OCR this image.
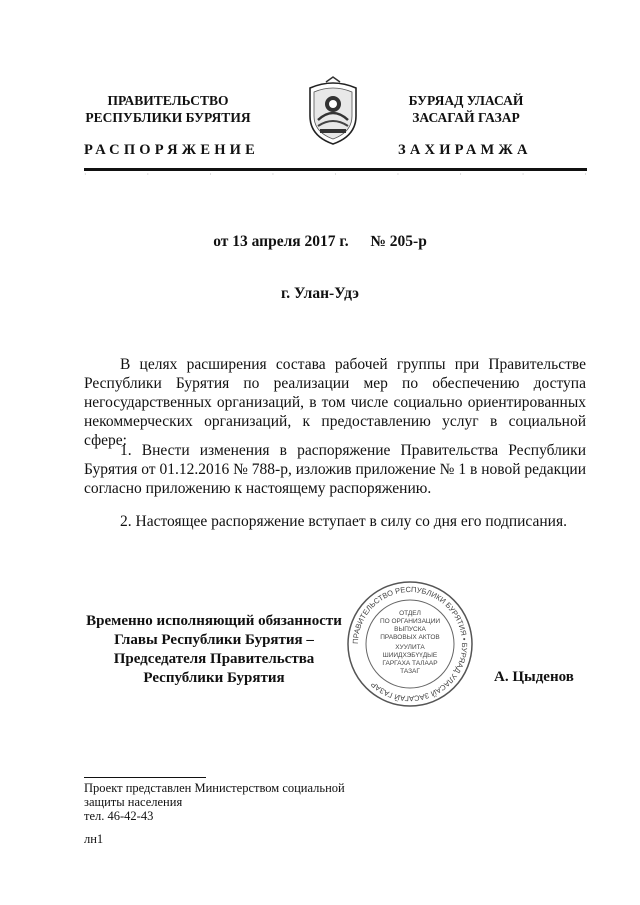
ПРАВИТЕЛЬСТВО
РЕСПУБЛИКИ БУРЯТИЯ
БУРЯАД УЛАСАЙ
ЗАСАГАЙ ГАЗАР
РАСПОРЯЖЕНИЕ	ЗАХИРАМЖА
·	·	·	·	·	·	·	·	·
от 13 апреля 2017 г. № 205-р
г. Улан-Удэ
В целях расширения состава рабочей группы при Правительстве Республики Бурятия по реализации мер по обеспечению доступа негосударственных организаций, в том числе социально ориентированных некоммерческих организаций, к предоставлению услуг в социальной сфере:
1. Внести изменения в распоряжение Правительства Республики Бурятия от 01.12.2016 № 788-р, изложив приложение № 1 в новой редакции согласно приложению к настоящему распоряжению.
2. Настоящее распоряжение вступает в силу со дня его подписания.
Временно исполняющий обязанности
Главы Республики Бурятия –
Председателя Правительства
Республики Бурятия
ПРАВИТЕЛЬСТВО РЕСПУБЛИКИ БУРЯТИЯ • БУРЯАД УЛАСАЙ ЗАСАГАЙ ГАЗАР
ОТДЕЛ
ПО ОРГАНИЗАЦИИ
ВЫПУСКА
ПРАВОВЫХ АКТОВ
ХУУЛИТА
ШИИДХЭБҮҮДЫЕ
ГАРГАХА ТАЛААР
ТАЗАГ	А. Цыденов
Проект представлен Министерством социальной
защиты населения
тел. 46-42-43
лн1
